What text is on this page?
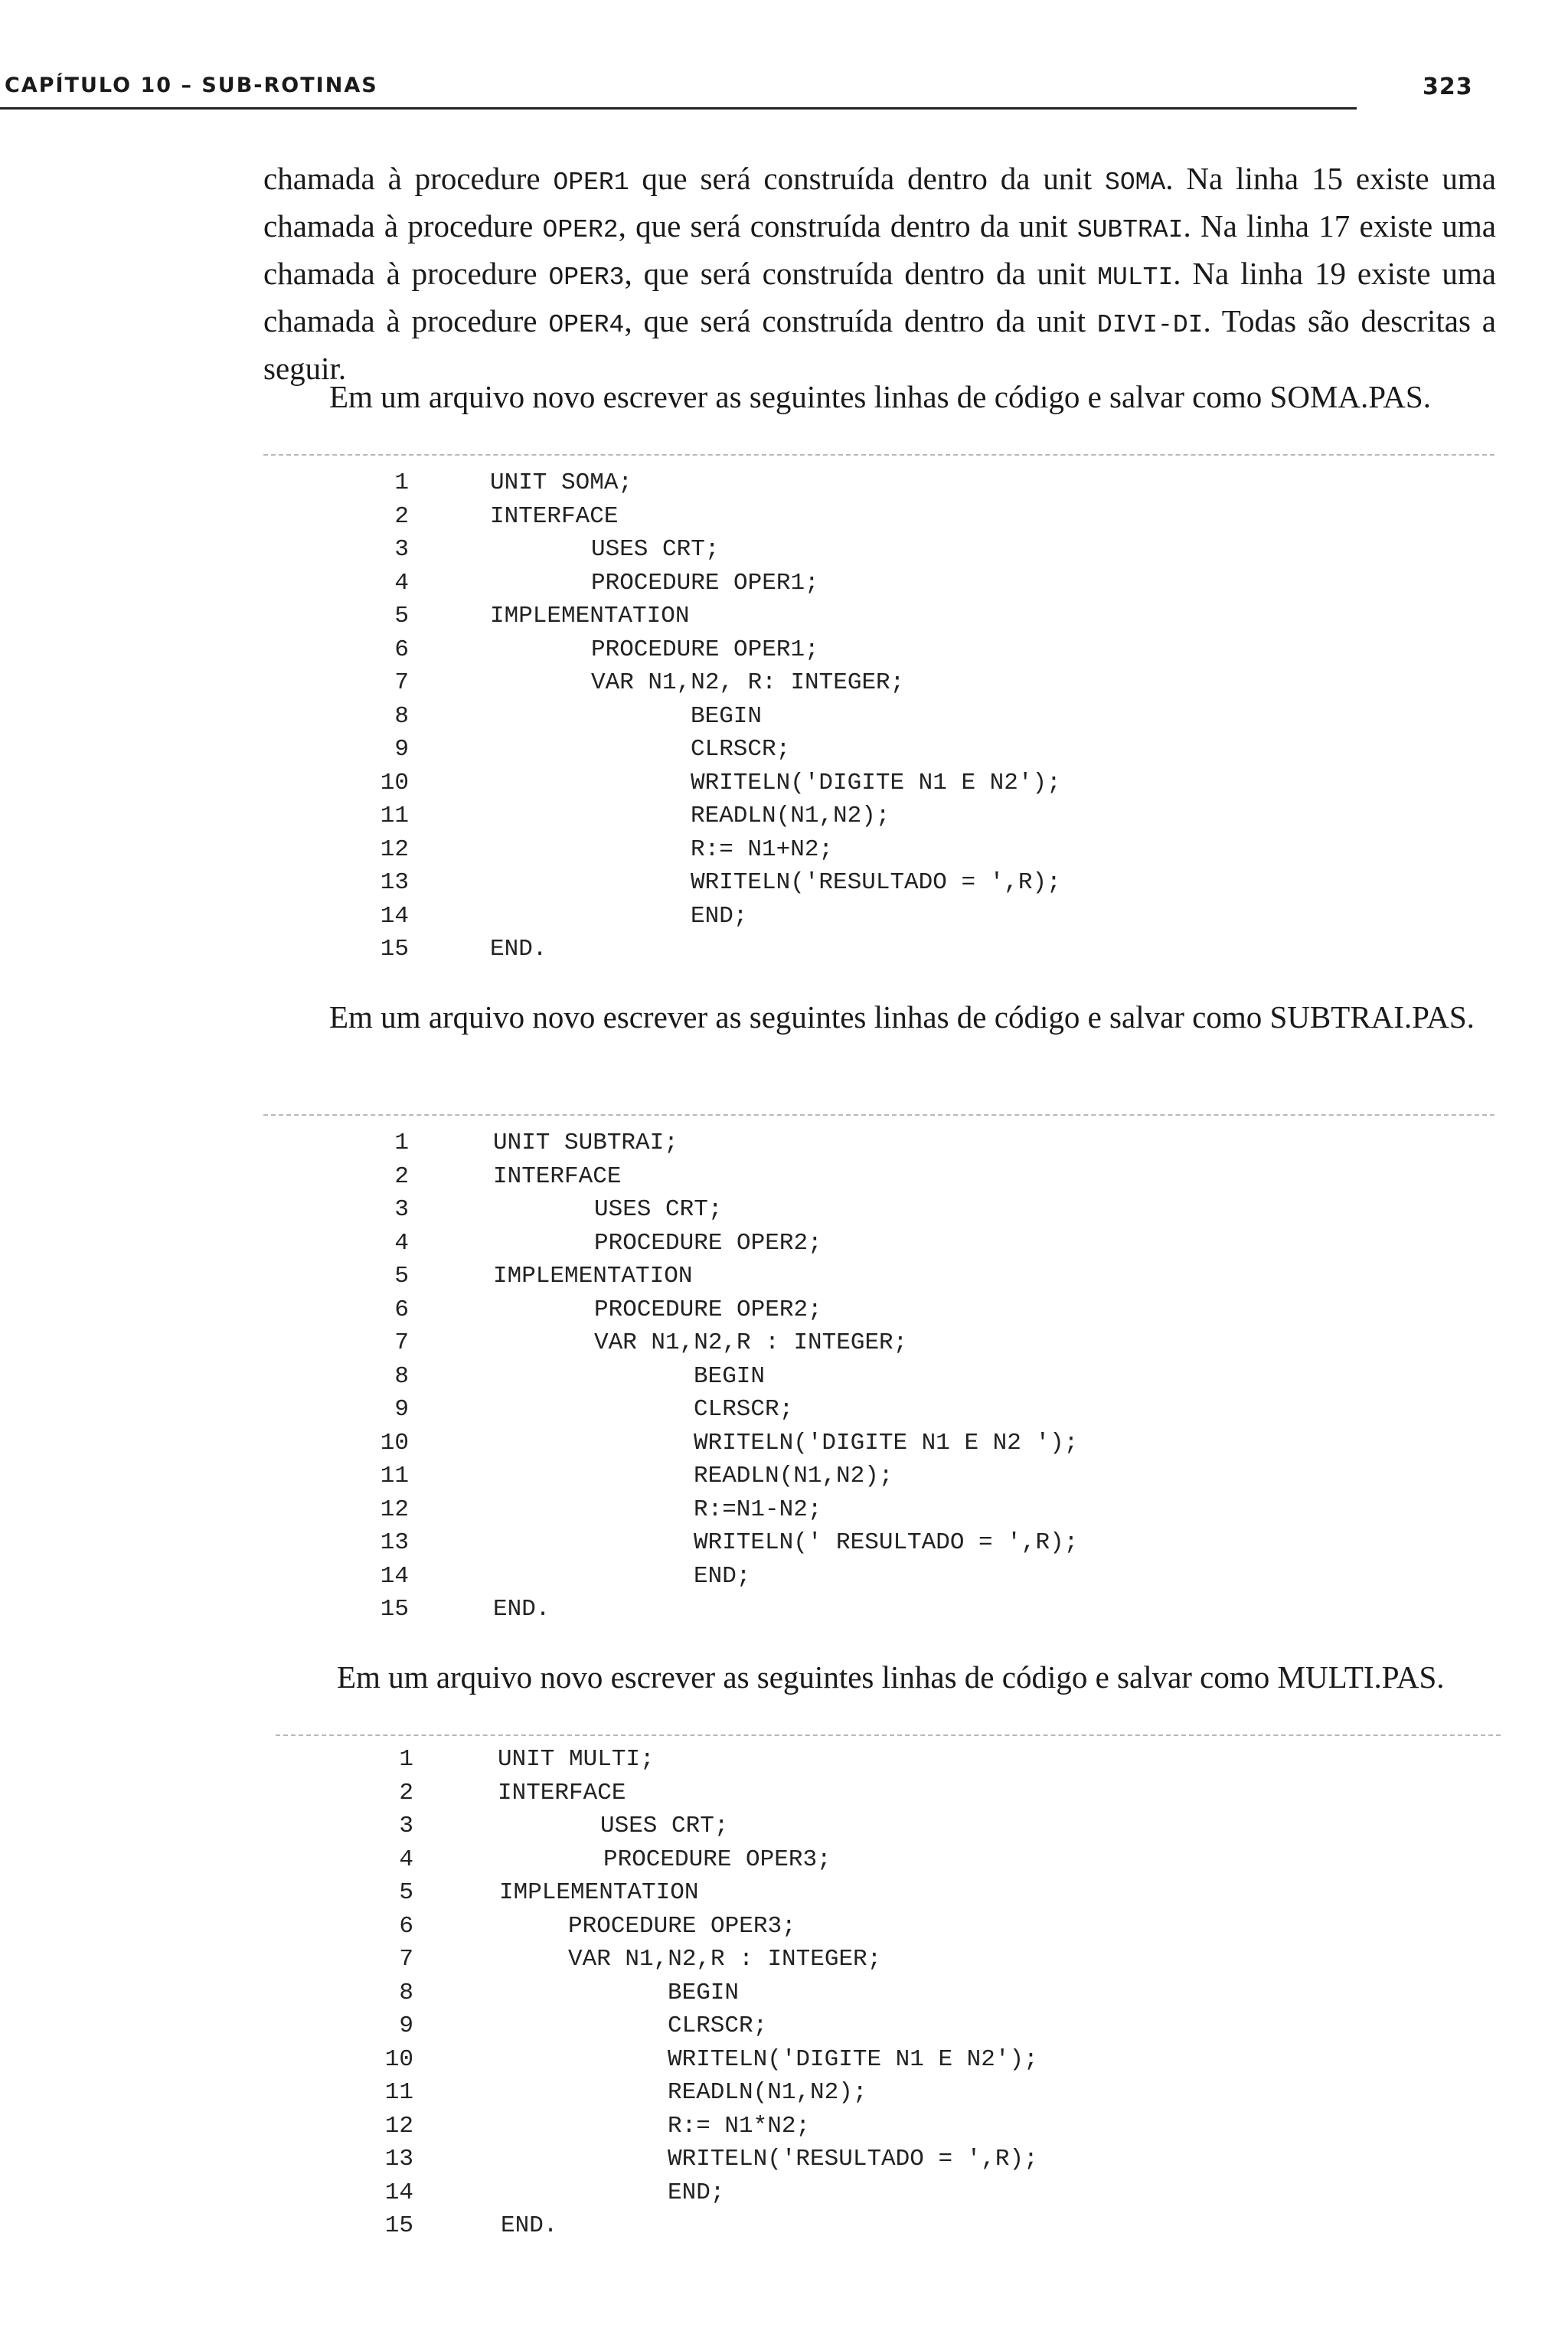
CAPÍTULO 10 – SUB-ROTINAS	323
chamada à procedure OPER1 que será construída dentro da unit SOMA. Na linha 15 existe uma chamada à procedure OPER2, que será construída dentro da unit SUBTRAI. Na linha 17 existe uma chamada à procedure OPER3, que será construída dentro da unit MULTI. Na linha 19 existe uma chamada à procedure OPER4, que será construída dentro da unit DIVI-DI. Todas são descritas a seguir.
Em um arquivo novo escrever as seguintes linhas de código e salvar como SOMA.PAS.
1	UNIT SOMA;
2	INTERFACE
3	USES CRT;
4	PROCEDURE OPER1;
5	IMPLEMENTATION
6	PROCEDURE OPER1;
7	VAR N1,N2, R: INTEGER;
8	BEGIN
9	CLRSCR;
10	WRITELN('DIGITE N1 E N2');
11	READLN(N1,N2);
12	R:= N1+N2;
13	WRITELN('RESULTADO = ',R);
14	END;
15	END.
Em um arquivo novo escrever as seguintes linhas de código e salvar como SUBTRAI.PAS.
1	UNIT SUBTRAI;
2	INTERFACE
3	USES CRT;
4	PROCEDURE OPER2;
5	IMPLEMENTATION
6	PROCEDURE OPER2;
7	VAR N1,N2,R : INTEGER;
8	BEGIN
9	CLRSCR;
10	WRITELN('DIGITE N1 E N2 ');
11	READLN(N1,N2);
12	R:=N1-N2;
13	WRITELN(' RESULTADO = ',R);
14	END;
15	END.
Em um arquivo novo escrever as seguintes linhas de código e salvar como MULTI.PAS.
1	UNIT MULTI;
2	INTERFACE
3	USES CRT;
4	PROCEDURE OPER3;
5	IMPLEMENTATION
6	PROCEDURE OPER3;
7	VAR N1,N2,R : INTEGER;
8	BEGIN
9	CLRSCR;
10	WRITELN('DIGITE N1 E N2');
11	READLN(N1,N2);
12	R:= N1*N2;
13	WRITELN('RESULTADO = ',R);
14	END;
15	END.
